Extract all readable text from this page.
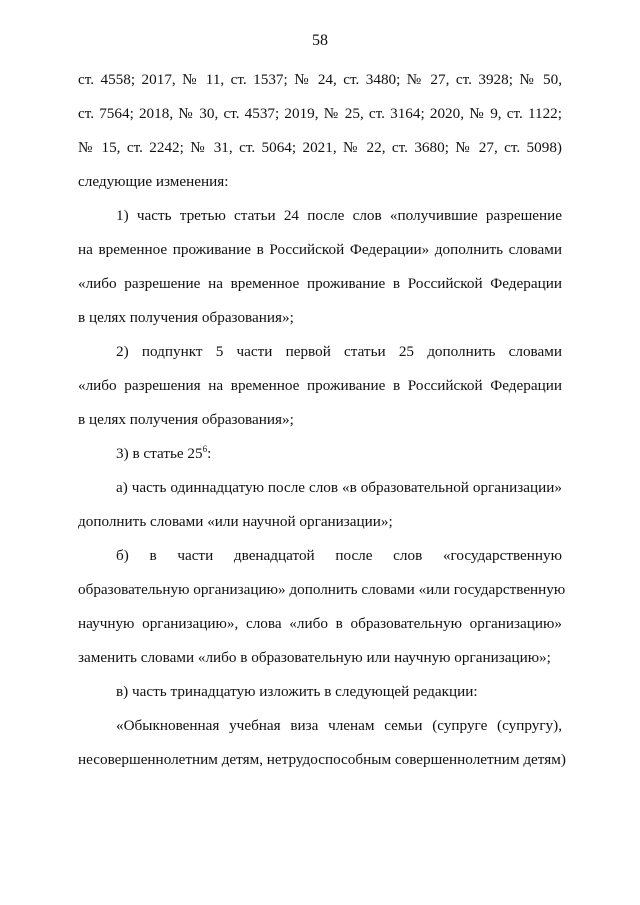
58
ст. 4558; 2017, № 11, ст. 1537; № 24, ст. 3480; № 27, ст. 3928; № 50,
ст. 7564; 2018, № 30, ст. 4537; 2019, № 25, ст. 3164; 2020, № 9, ст. 1122;
№ 15, ст. 2242; № 31, ст. 5064; 2021, № 22, ст. 3680; № 27, ст. 5098)
следующие изменения:
1) часть третью статьи 24 после слов «получившие разрешение
на временное проживание в Российской Федерации» дополнить словами
«либо разрешение на временное проживание в Российской Федерации
в целях получения образования»;
2) подпункт 5 части первой статьи 25 дополнить словами
«либо разрешения на временное проживание в Российской Федерации
в целях получения образования»;
3) в статье $25^6$:
а) часть одиннадцатую после слов «в образовательной организации»
дополнить словами «или научной организации»;
б) в части двенадцатой после слов «государственную
образовательную организацию» дополнить словами «или государственную
научную организацию», слова «либо в образовательную организацию»
заменить словами «либо в образовательную или научную организацию»;
в) часть тринадцатую изложить в следующей редакции:
«Обыкновенная учебная виза членам семьи (супруге (супругу),
несовершеннолетним детям, нетрудоспособным совершеннолетним детям)
